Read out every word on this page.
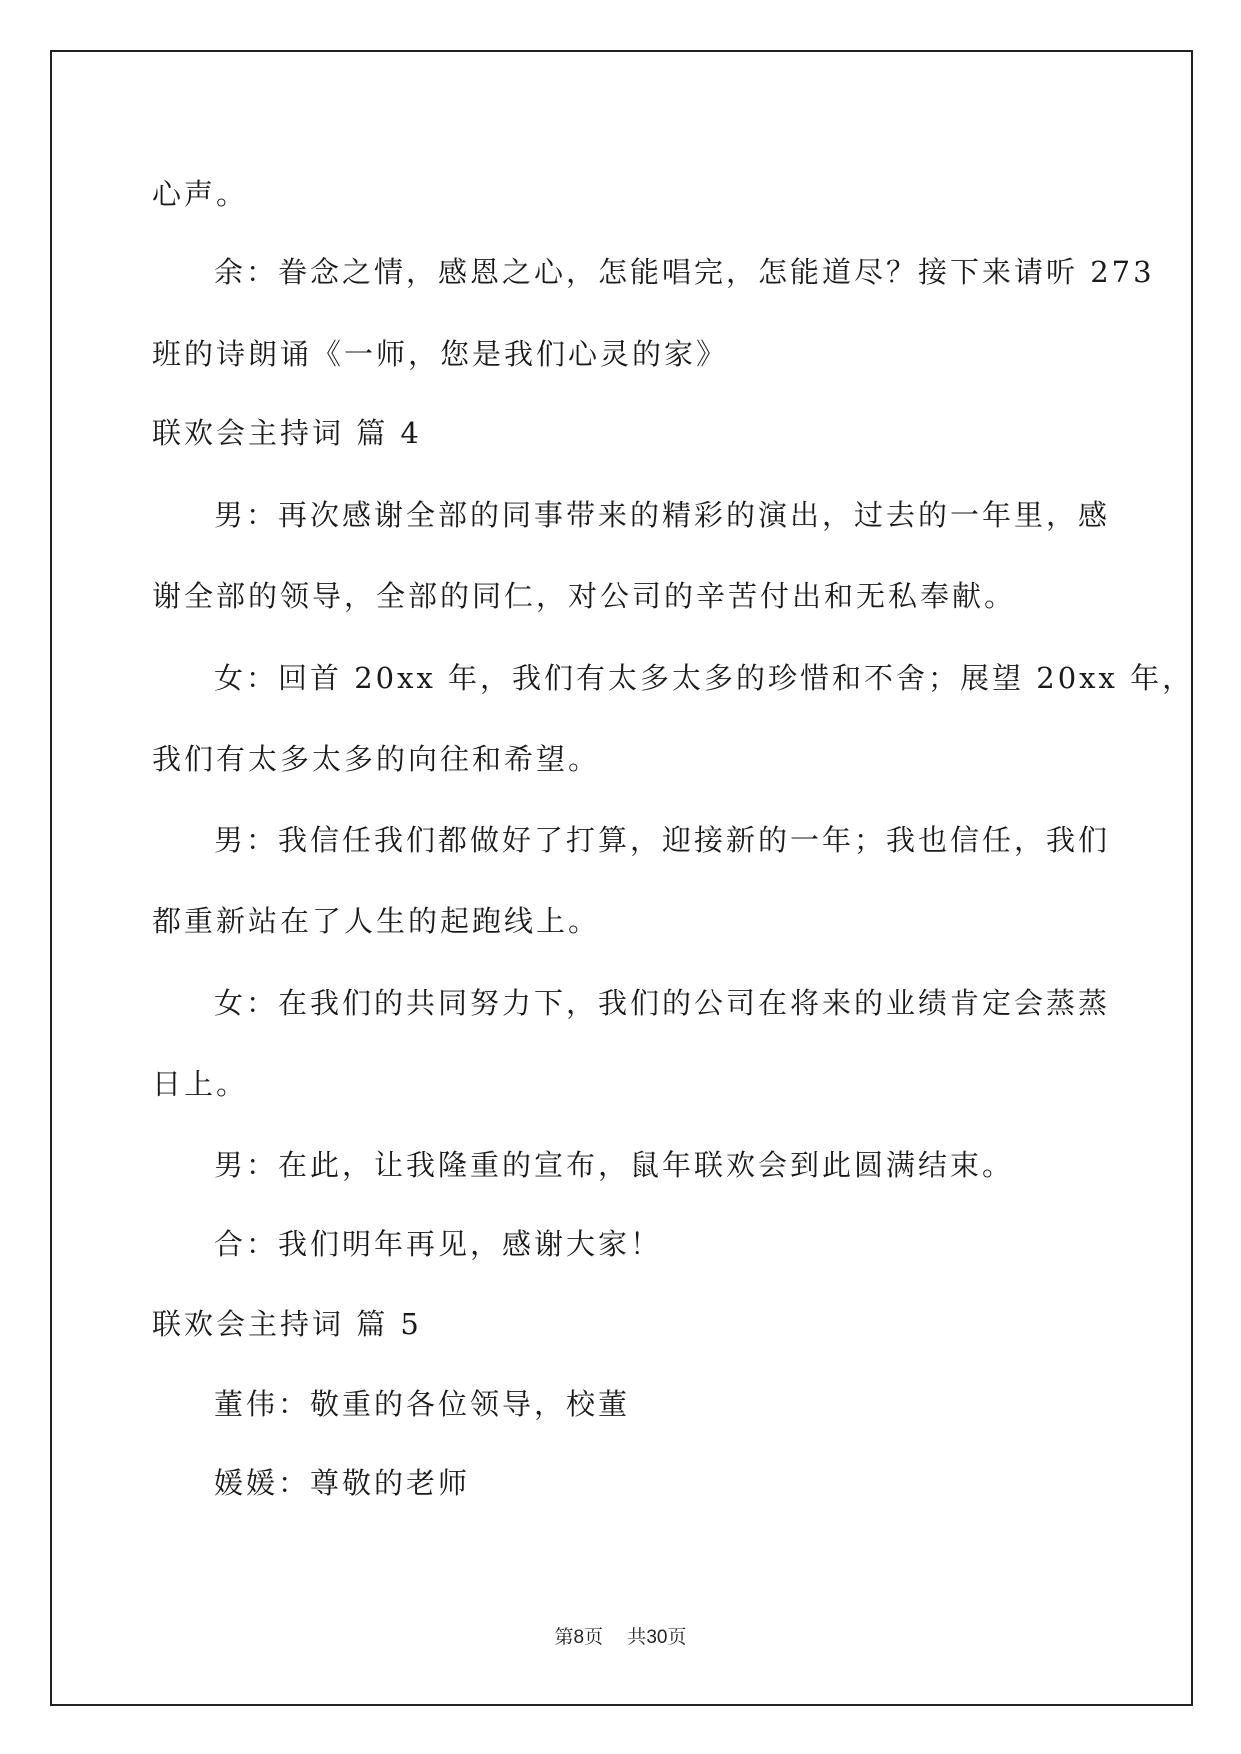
心声。
余：眷念之情，感恩之心，怎能唱完，怎能道尽？接下来请听 273
班的诗朗诵《一师，您是我们心灵的家》
联欢会主持词 篇 4
男：再次感谢全部的同事带来的精彩的演出，过去的一年里，感
谢全部的领导，全部的同仁，对公司的辛苦付出和无私奉献。
女：回首 20xx 年，我们有太多太多的珍惜和不舍；展望 20xx 年，
我们有太多太多的向往和希望。
男：我信任我们都做好了打算，迎接新的一年；我也信任，我们
都重新站在了人生的起跑线上。
女：在我们的共同努力下，我们的公司在将来的业绩肯定会蒸蒸
日上。
男：在此，让我隆重的宣布，鼠年联欢会到此圆满结束。
合：我们明年再见，感谢大家！
联欢会主持词 篇 5
董伟：敬重的各位领导，校董
媛媛：尊敬的老师
第8页 共30页
